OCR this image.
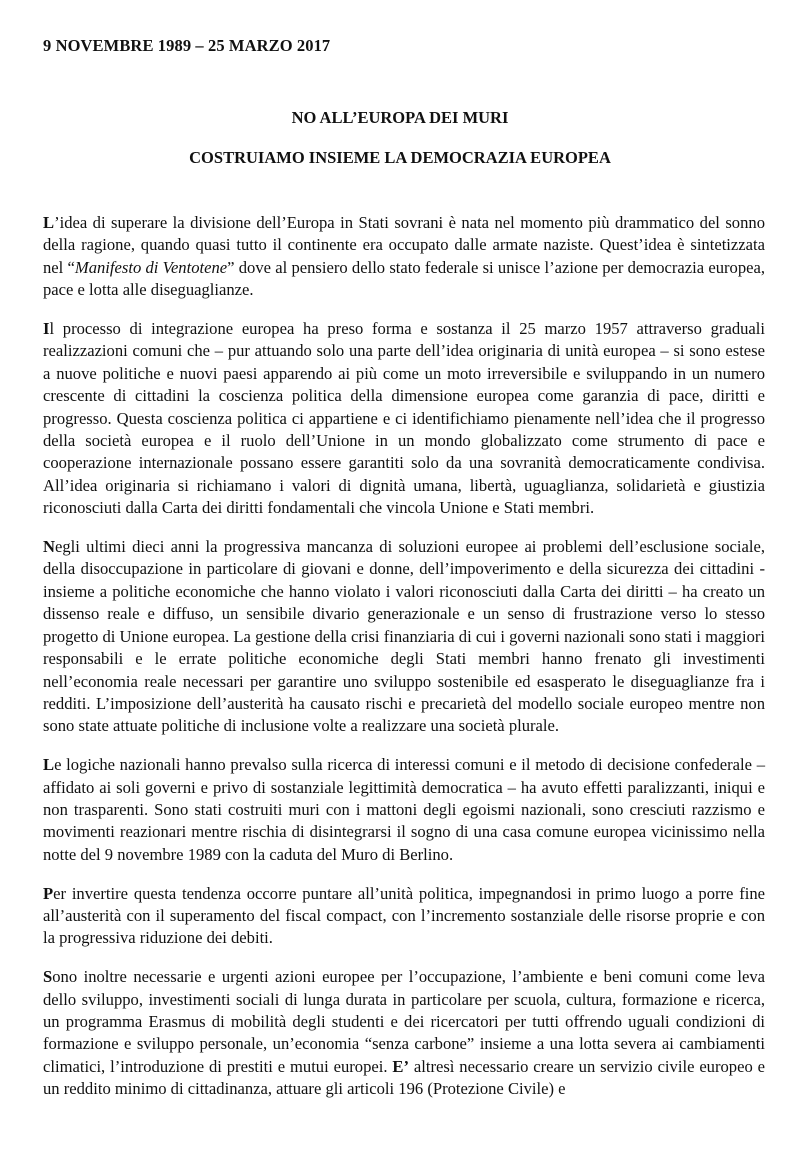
9 NOVEMBRE 1989 – 25 MARZO 2017
NO ALL’EUROPA DEI MURI
COSTRUIAMO INSIEME LA DEMOCRAZIA EUROPEA

L’idea di superare la divisione dell’Europa in Stati sovrani è nata nel momento più drammatico del sonno della ragione, quando quasi tutto il continente era occupato dalle armate naziste. Quest’idea è sintetizzata nel “Manifesto di Ventotene” dove al pensiero dello stato federale si unisce l’azione per democrazia europea, pace e lotta alle diseguaglianze.

Il processo di integrazione europea ha preso forma e sostanza il 25 marzo 1957 attraverso graduali realizzazioni comuni che – pur attuando solo una parte dell’idea originaria di unità europea – si sono estese a nuove politiche e nuovi paesi apparendo ai più come un moto irreversibile e sviluppando in un numero crescente di cittadini la coscienza politica della dimensione europea come garanzia di pace, diritti e progresso. Questa coscienza politica ci appartiene e ci identifichiamo pienamente nell’idea che il progresso della società europea e il ruolo dell’Unione in un mondo globalizzato come strumento di pace e cooperazione internazionale possano essere garantiti solo da una sovranità democraticamente condivisa. All’idea originaria si richiamano i valori di dignità umana, libertà, uguaglianza, solidarietà e giustizia riconosciuti dalla Carta dei diritti fondamentali che vincola Unione e Stati membri.

Negli ultimi dieci anni la progressiva mancanza di soluzioni europee ai problemi dell’esclusione sociale, della disoccupazione in particolare di giovani e donne, dell’impoverimento e della sicurezza dei cittadini - insieme a politiche economiche che hanno violato i valori riconosciuti dalla Carta dei diritti – ha creato un dissenso reale e diffuso, un sensibile divario generazionale e un senso di frustrazione verso lo stesso progetto di Unione europea. La gestione della crisi finanziaria di cui i governi nazionali sono stati i maggiori responsabili e le errate politiche economiche degli Stati membri hanno frenato gli investimenti nell’economia reale necessari per garantire uno sviluppo sostenibile ed esasperato le diseguaglianze fra i redditi. L’imposizione dell’austerità ha causato rischi e precarietà del modello sociale europeo mentre non sono state attuate politiche di inclusione volte a realizzare una società plurale.

Le logiche nazionali hanno prevalso sulla ricerca di interessi comuni e il metodo di decisione confederale – affidato ai soli governi e privo di sostanziale legittimità democratica – ha avuto effetti paralizzanti, iniqui e non trasparenti. Sono stati costruiti muri con i mattoni degli egoismi nazionali, sono cresciuti razzismo e movimenti reazionari mentre rischia di disintegrarsi il sogno di una casa comune europea vicinissimo nella notte del 9 novembre 1989 con la caduta del Muro di Berlino.

Per invertire questa tendenza occorre puntare all’unità politica, impegnandosi in primo luogo a porre fine all’austerità con il superamento del fiscal compact, con l’incremento sostanziale delle risorse proprie e con la progressiva riduzione dei debiti.

Sono inoltre necessarie e urgenti azioni europee per l’occupazione, l’ambiente e beni comuni come leva dello sviluppo, investimenti sociali di lunga durata in particolare per scuola, cultura, formazione e ricerca, un programma Erasmus di mobilità degli studenti e dei ricercatori per tutti offrendo uguali condizioni di formazione e sviluppo personale, un’economia “senza carbone” insieme a una lotta severa ai cambiamenti climatici, l’introduzione di prestiti e mutui europei. E’ altresì necessario creare un servizio civile europeo e un reddito minimo di cittadinanza, attuare gli articoli 196 (Protezione Civile) e
